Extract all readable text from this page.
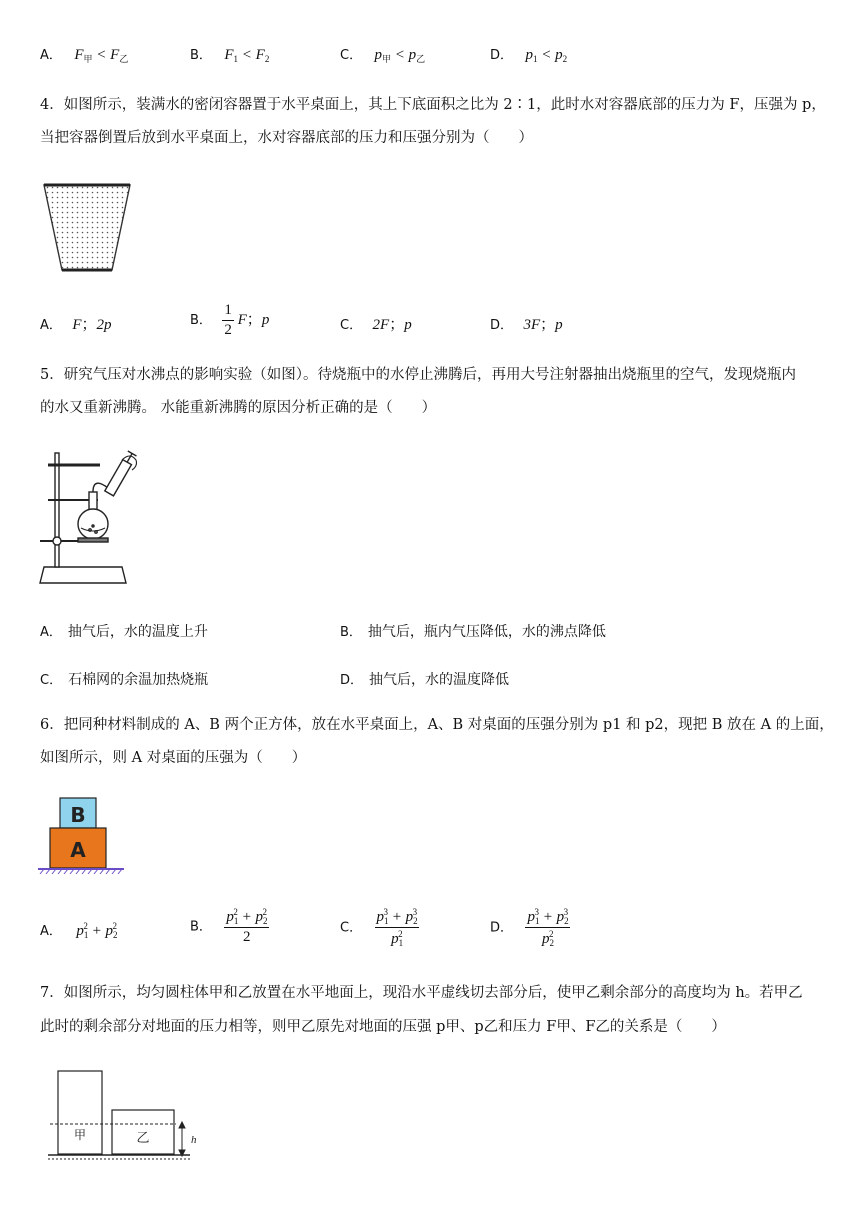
A． $F_甲 < F_乙$	B． $F_1 < F_2$	C． $p_甲 < p_乙$	D． $p_1 < p_2$
4．如图所示，装满水的密闭容器置于水平桌面上，其上下底面积之比为 2∶1，此时水对容器底部的压力为 F，压强为 p，
当把容器倒置后放到水平桌面上，水对容器底部的压力和压强分别为（　　）
A． F；2p	B． $\frac{1}{2}$ F；p	C． 2F；p	D． 3F；p
5．研究气压对水沸点的影响实验（如图）。待烧瓶中的水停止沸腾后，再用大号注射器抽出烧瓶里的空气，发现烧瓶内
的水又重新沸腾。 水能重新沸腾的原因分析正确的是（　　）
A． 抽气后，水的温度上升	B． 抽气后，瓶内气压降低，水的沸点降低
C． 石棉网的余温加热烧瓶	D． 抽气后，水的温度降低
6．把同种材料制成的 A、B 两个正方体，放在水平桌面上，A、B 对桌面的压强分别为 p1 和 p2，现把 B 放在 A 的上面，
如图所示，则 A 对桌面的压强为（　　）
B
A
A． $p_1^2 + p_2^2$	B． $\frac{p_1^2 + p_2^2}{2}$	C． $\frac{p_1^3 + p_2^3}{p_1^2}$	D． $\frac{p_1^3 + p_2^3}{p_2^2}$
7．如图所示，均匀圆柱体甲和乙放置在水平地面上，现沿水平虚线切去部分后，使甲乙剩余部分的高度均为 h。若甲乙
此时的剩余部分对地面的压力相等，则甲乙原先对地面的压强 p甲、p乙和压力 F甲、F乙的关系是（　　）
甲	乙	h
